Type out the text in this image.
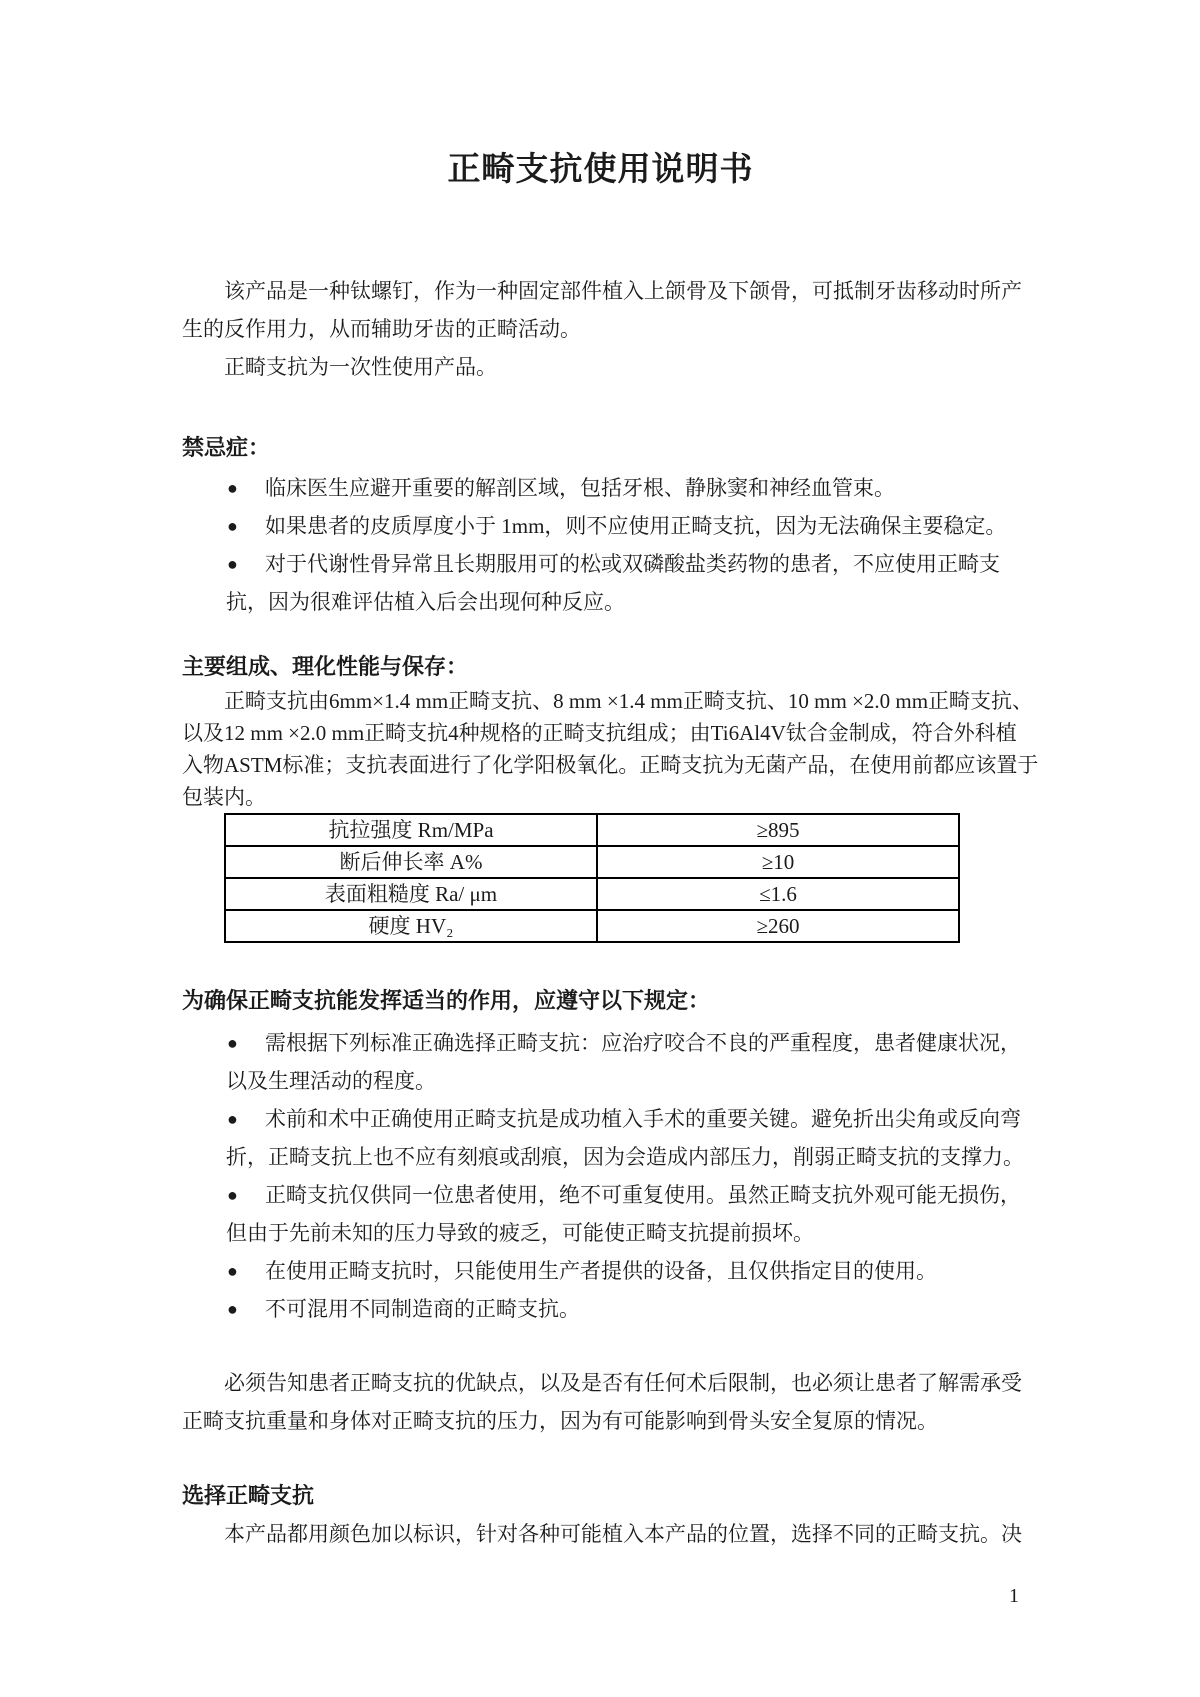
正畸支抗使用说明书

该产品是一种钛螺钉，作为一种固定部件植入上颌骨及下颌骨，可抵制牙齿移动时所产
生的反作用力，从而辅助牙齿的正畸活动。

正畸支抗为一次性使用产品。

禁忌症：
● 临床医生应避开重要的解剖区域，包括牙根、静脉窦和神经血管束。
● 如果患者的皮质厚度小于 1mm，则不应使用正畸支抗，因为无法确保主要稳定。
● 对于代谢性骨异常且长期服用可的松或双磷酸盐类药物的患者，不应使用正畸支
抗，因为很难评估植入后会出现何种反应。
主要组成、理化性能与保存：

正畸支抗由6mm×1.4 mm正畸支抗、8 mm ×1.4 mm正畸支抗、10 mm ×2.0 mm正畸支抗、
以及12 mm ×2.0 mm正畸支抗4种规格的正畸支抗组成；由Ti6Al4V钛合金制成，符合外科植
入物ASTM标准；支抗表面进行了化学阳极氧化。正畸支抗为无菌产品，在使用前都应该置于
包装内。

抗拉强度 Rm/MPa	≥895
断后伸长率 A%	≥10
表面粗糙度 Ra/ μm	≤1.6
硬度 HV₂	≥260
为确保正畸支抗能发挥适当的作用，应遵守以下规定：
● 需根据下列标准正确选择正畸支抗：应治疗咬合不良的严重程度，患者健康状况，
以及生理活动的程度。
● 术前和术中正确使用正畸支抗是成功植入手术的重要关键。避免折出尖角或反向弯
折，正畸支抗上也不应有刻痕或刮痕，因为会造成内部压力，削弱正畸支抗的支撑力。
● 正畸支抗仅供同一位患者使用，绝不可重复使用。虽然正畸支抗外观可能无损伤，
但由于先前未知的压力导致的疲乏，可能使正畸支抗提前损坏。
● 在使用正畸支抗时，只能使用生产者提供的设备，且仅供指定目的使用。
● 不可混用不同制造商的正畸支抗。

必须告知患者正畸支抗的优缺点，以及是否有任何术后限制，也必须让患者了解需承受
正畸支抗重量和身体对正畸支抗的压力，因为有可能影响到骨头安全复原的情况。

选择正畸支抗

本产品都用颜色加以标识，针对各种可能植入本产品的位置，选择不同的正畸支抗。决

1
